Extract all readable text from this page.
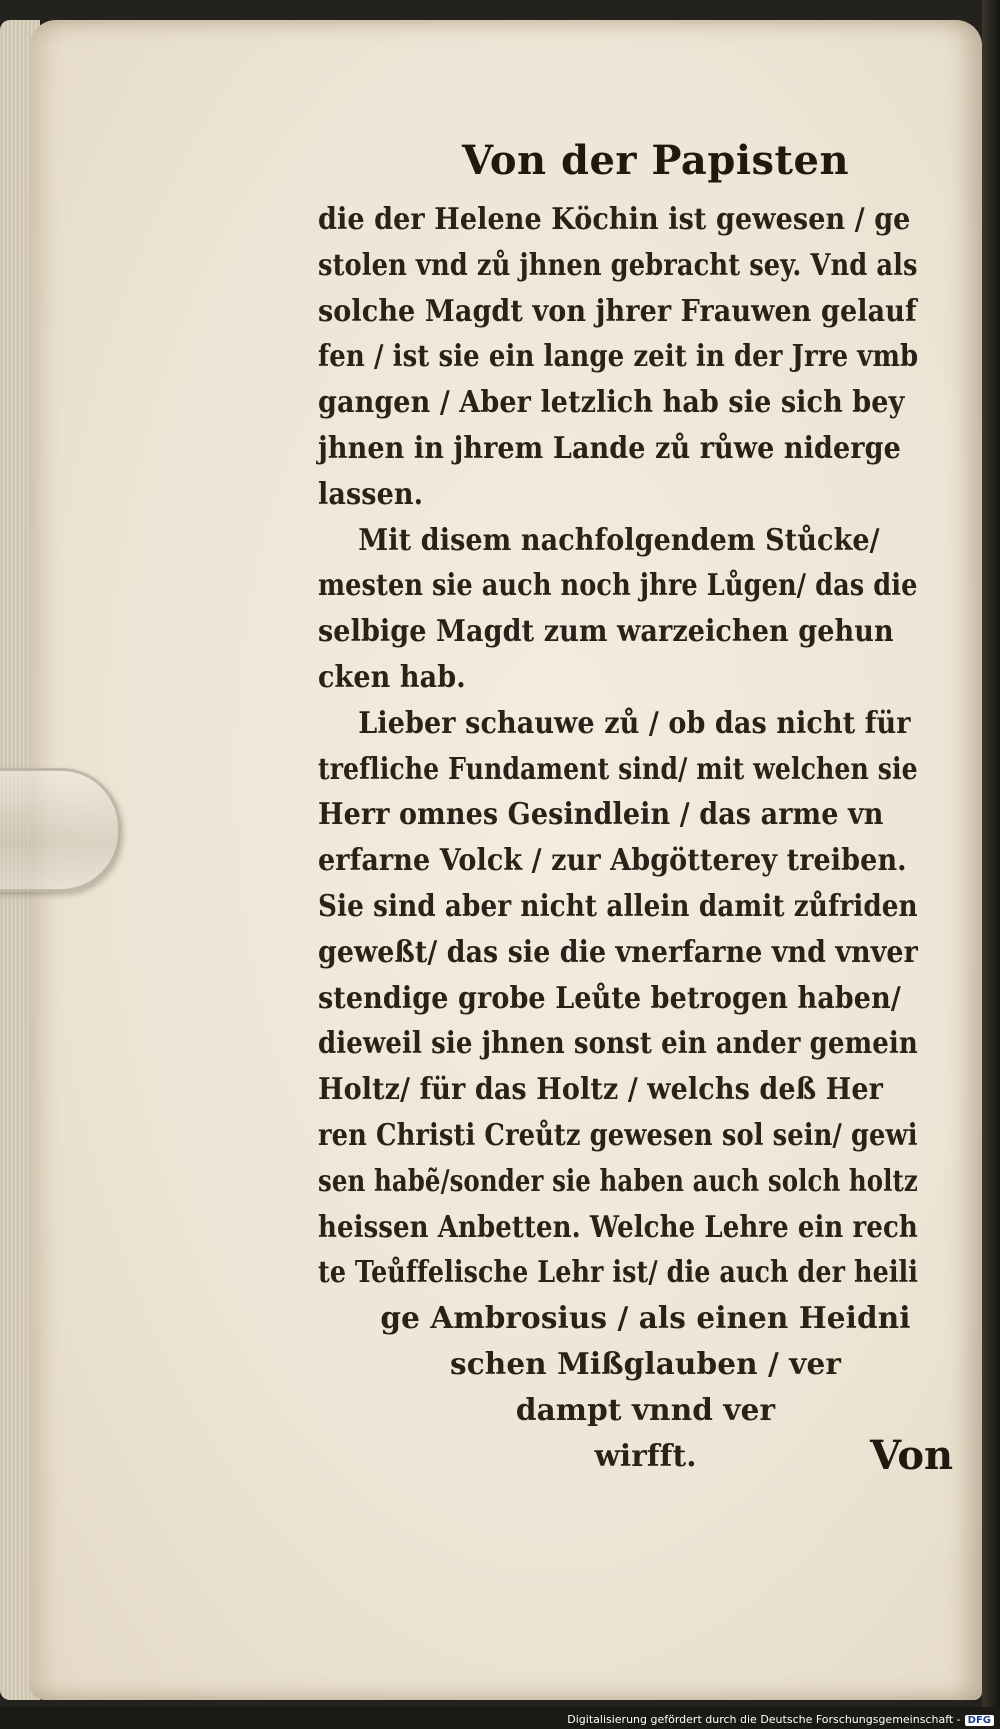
Von der Papisten
die der Helene Köchin ist gewesen / ge
stolen vnd zů jhnen gebracht sey. Vnd als
solche Magdt von jhrer Frauwen gelauf
fen / ist sie ein lange zeit in der Jrre vmb
gangen / Aber letzlich hab sie sich bey
jhnen in jhrem Lande zů růwe niderge
lassen.
Mit disem nachfolgendem Stůcke/
mesten sie auch noch jhre Lůgen/ das die
selbige Magdt zum warzeichen gehun
cken hab.
Lieber schauwe zů / ob das nicht für
trefliche Fundament sind/ mit welchen sie
Herr omnes Gesindlein / das arme vn
erfarne Volck / zur Abgötterey treiben.
Sie sind aber nicht allein damit zůfriden
geweßt/ das sie die vnerfarne vnd vnver
stendige grobe Leůte betrogen haben/
dieweil sie jhnen sonst ein ander gemein
Holtz/ für das Holtz / welchs deß Her
ren Christi Creůtz gewesen sol sein/ gewi
sen habẽ/sonder sie haben auch solch holtz
heissen Anbetten. Welche Lehre ein rech
te Teůffelische Lehr ist/ die auch der heili
ge Ambrosius / als einen Heidni
schen Mißglauben / ver
dampt vnnd ver
wirfft.	Von
Digitalisierung gefördert durch die Deutsche Forschungsgemeinschaft - DFG
